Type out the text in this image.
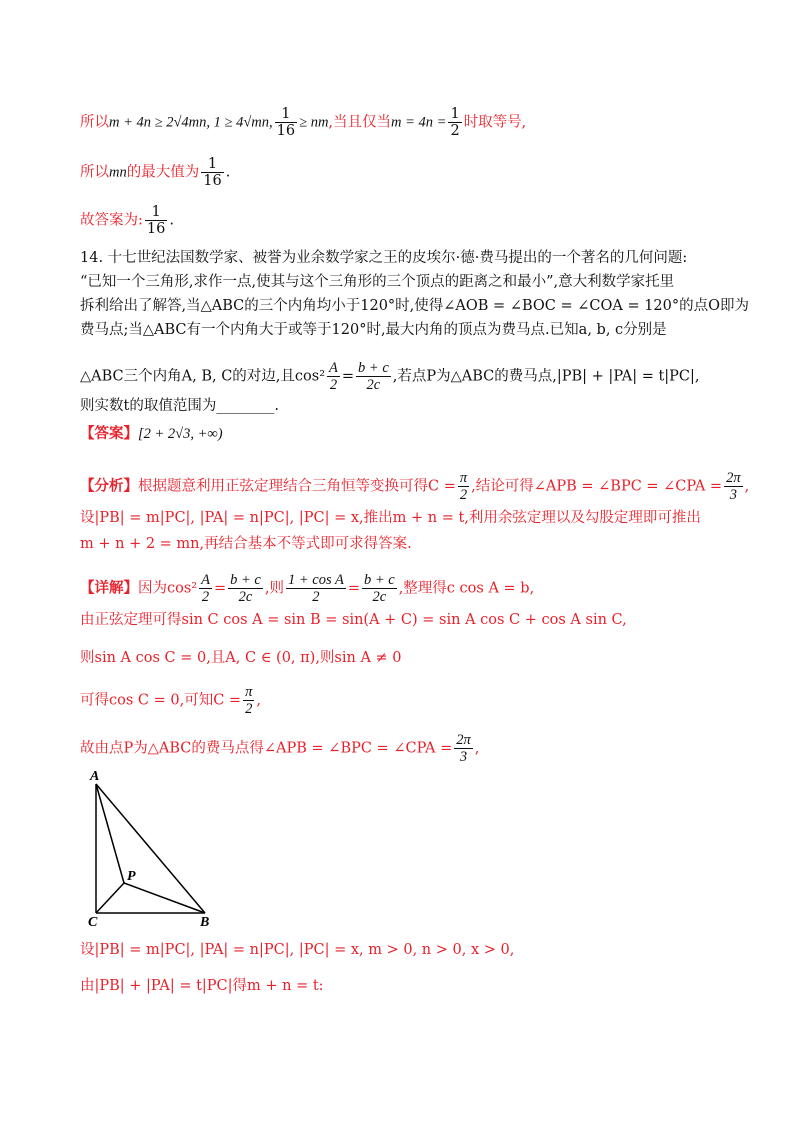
所以m + 4n ≥ 2√4mn, 1 ≥ 4√mn, $\frac{1}{16}$ ≥ nm,当且仅当$m = 4n = \frac{1}{2}$ 时取等号,
所以mn的最大值为 $\frac{1}{16}$ .
故答案为: $\frac{1}{16}$ .
14. 十七世纪法国数学家、被誉为业余数学家之王的皮埃尔·德·费马提出的一个著名的几何问题:
“已知一个三角形,求作一点,使其与这个三角形的三个顶点的距离之和最小”,意大利数学家托里
拆利给出了解答,当△ABC的三个内角均小于120°时,使得∠AOB = ∠BOC = ∠COA = 120°的点O即为
费马点;当△ABC有一个内角大于或等于120°时,最大内角的顶点为费马点.已知a, b, c分别是
△ABC三个内角A, B, C的对边,且$\cos^2 \frac{A}{2} = \frac{b + c}{2c}$ ,若点P为△ABC的费马点,|PB| + |PA| = t|PC|,
则实数t的取值范围为________.
【答案】[2 + 2√3, +∞)
【分析】根据题意利用正弦定理结合三角恒等变换可得$C = \frac{\pi}{2}$ ,结论可得∠APB = ∠BPC = ∠CPA = $\frac{2\pi}{3}$ ,
设|PB| = m|PC|, |PA| = n|PC|, |PC| = x,推出m + n = t,利用余弦定理以及勾股定理即可推出
m + n + 2 = mn,再结合基本不等式即可求得答案.
【详解】因为$\cos^2 \frac{A}{2} = \frac{b + c}{2c}$ ,则 $\frac{\text{1 + cos A}}{2} = \frac{b + c}{2c}$ ,整理得c cos A = b,
由正弦定理可得sin C cos A = sin B = sin(A + C) = sin A cos C + cos A sin C,
则sin A cos C = 0,且A, C ∈ (0, π),则sin A ≠ 0
可得cos C = 0,可知$C = \frac{\pi}{2}$ ,
故由点P为△ABC的费马点得∠APB = ∠BPC = ∠CPA = $\frac{2\pi}{3}$ ,
A
C	B
P
设|PB| = m|PC|, |PA| = n|PC|, |PC| = x, m > 0, n > 0, x > 0,
由|PB| + |PA| = t|PC|得m + n = t:
